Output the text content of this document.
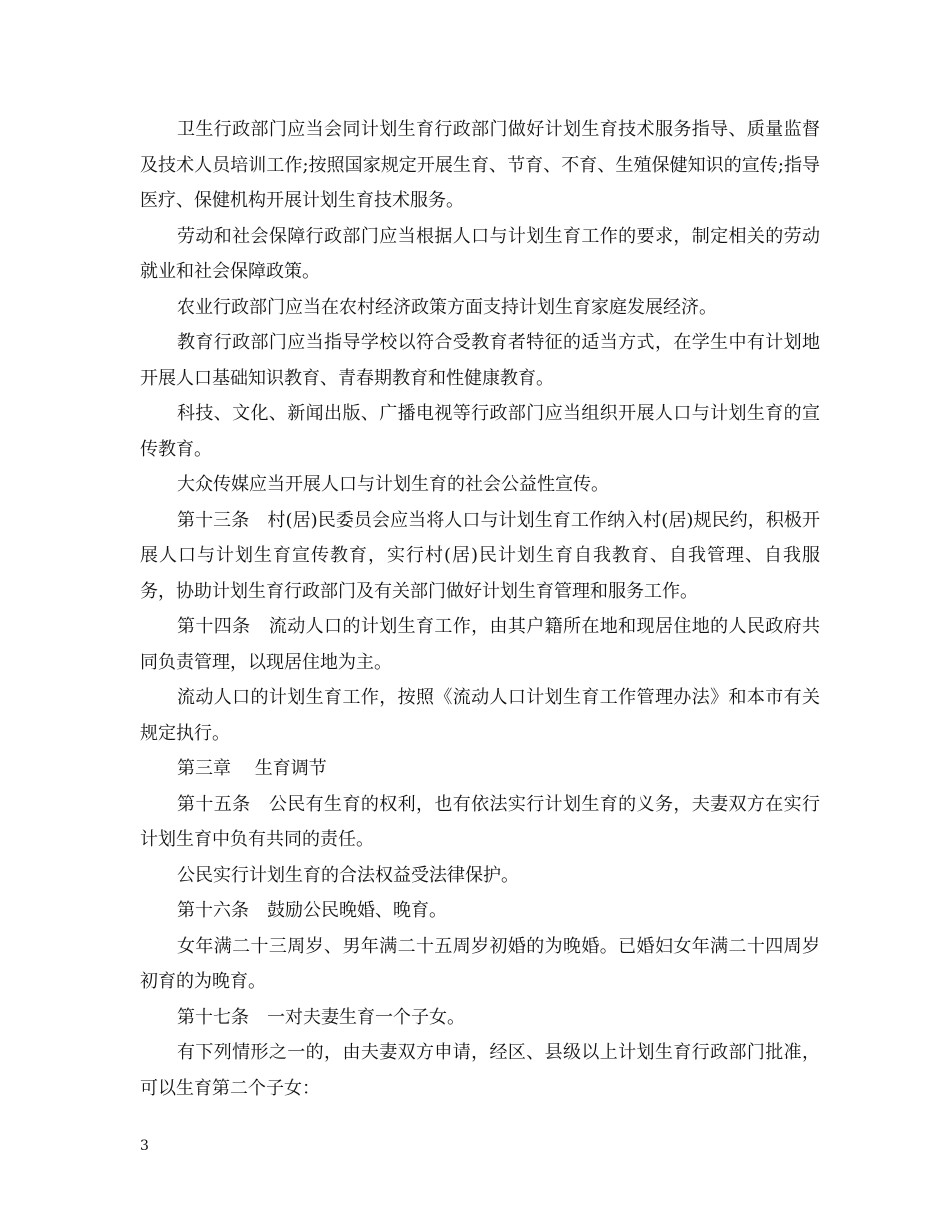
卫生行政部门应当会同计划生育行政部门做好计划生育技术服务指导、质量监督及技术人员培训工作;按照国家规定开展生育、节育、不育、生殖保健知识的宣传;指导医疗、保健机构开展计划生育技术服务。

劳动和社会保障行政部门应当根据人口与计划生育工作的要求，制定相关的劳动就业和社会保障政策。

农业行政部门应当在农村经济政策方面支持计划生育家庭发展经济。

教育行政部门应当指导学校以符合受教育者特征的适当方式，在学生中有计划地开展人口基础知识教育、青春期教育和性健康教育。

科技、文化、新闻出版、广播电视等行政部门应当组织开展人口与计划生育的宣传教育。

大众传媒应当开展人口与计划生育的社会公益性宣传。

第十三条　村(居)民委员会应当将人口与计划生育工作纳入村(居)规民约，积极开展人口与计划生育宣传教育，实行村(居)民计划生育自我教育、自我管理、自我服务，协助计划生育行政部门及有关部门做好计划生育管理和服务工作。

第十四条　流动人口的计划生育工作，由其户籍所在地和现居住地的人民政府共同负责管理，以现居住地为主。

流动人口的计划生育工作，按照《流动人口计划生育工作管理办法》和本市有关规定执行。

第三章　 生育调节

第十五条　公民有生育的权利，也有依法实行计划生育的义务，夫妻双方在实行计划生育中负有共同的责任。

公民实行计划生育的合法权益受法律保护。

第十六条　鼓励公民晚婚、晚育。

女年满二十三周岁、男年满二十五周岁初婚的为晚婚。已婚妇女年满二十四周岁初育的为晚育。

第十七条　一对夫妻生育一个子女。

有下列情形之一的，由夫妻双方申请，经区、县级以上计划生育行政部门批准，可以生育第二个子女：

3
